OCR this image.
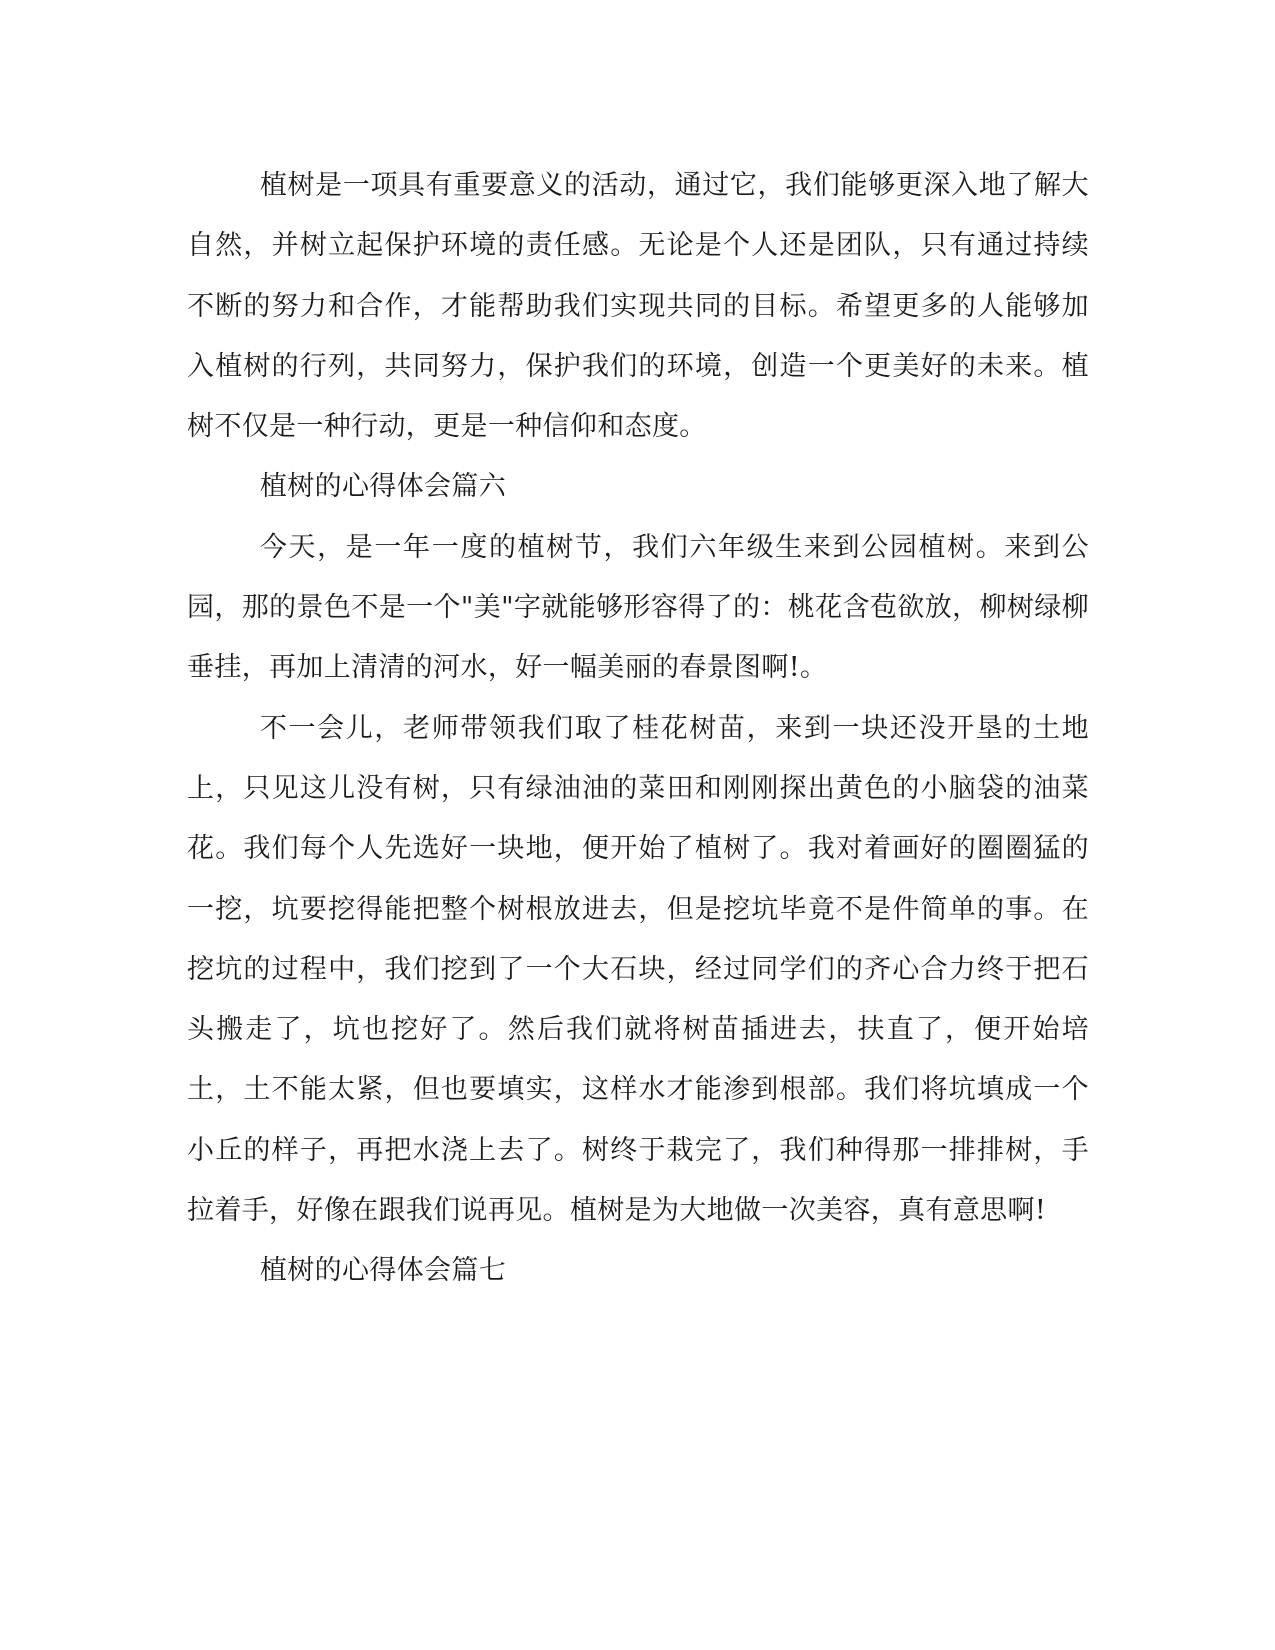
植树是一项具有重要意义的活动，通过它，我们能够更深入地了解大自然，并树立起保护环境的责任感。无论是个人还是团队，只有通过持续不断的努力和合作，才能帮助我们实现共同的目标。希望更多的人能够加入植树的行列，共同努力，保护我们的环境，创造一个更美好的未来。植树不仅是一种行动，更是一种信仰和态度。

植树的心得体会篇六

今天，是一年一度的植树节，我们六年级生来到公园植树。来到公园，那的景色不是一个"美"字就能够形容得了的：桃花含苞欲放，柳树绿柳垂挂，再加上清清的河水，好一幅美丽的春景图啊!。

不一会儿，老师带领我们取了桂花树苗，来到一块还没开垦的土地上，只见这儿没有树，只有绿油油的菜田和刚刚探出黄色的小脑袋的油菜花。我们每个人先选好一块地，便开始了植树了。我对着画好的圈圈猛的一挖，坑要挖得能把整个树根放进去，但是挖坑毕竟不是件简单的事。在挖坑的过程中，我们挖到了一个大石块，经过同学们的齐心合力终于把石头搬走了，坑也挖好了。然后我们就将树苗插进去，扶直了，便开始培土，土不能太紧，但也要填实，这样水才能渗到根部。我们将坑填成一个小丘的样子，再把水浇上去了。树终于栽完了，我们种得那一排排树，手拉着手，好像在跟我们说再见。植树是为大地做一次美容，真有意思啊!

植树的心得体会篇七
